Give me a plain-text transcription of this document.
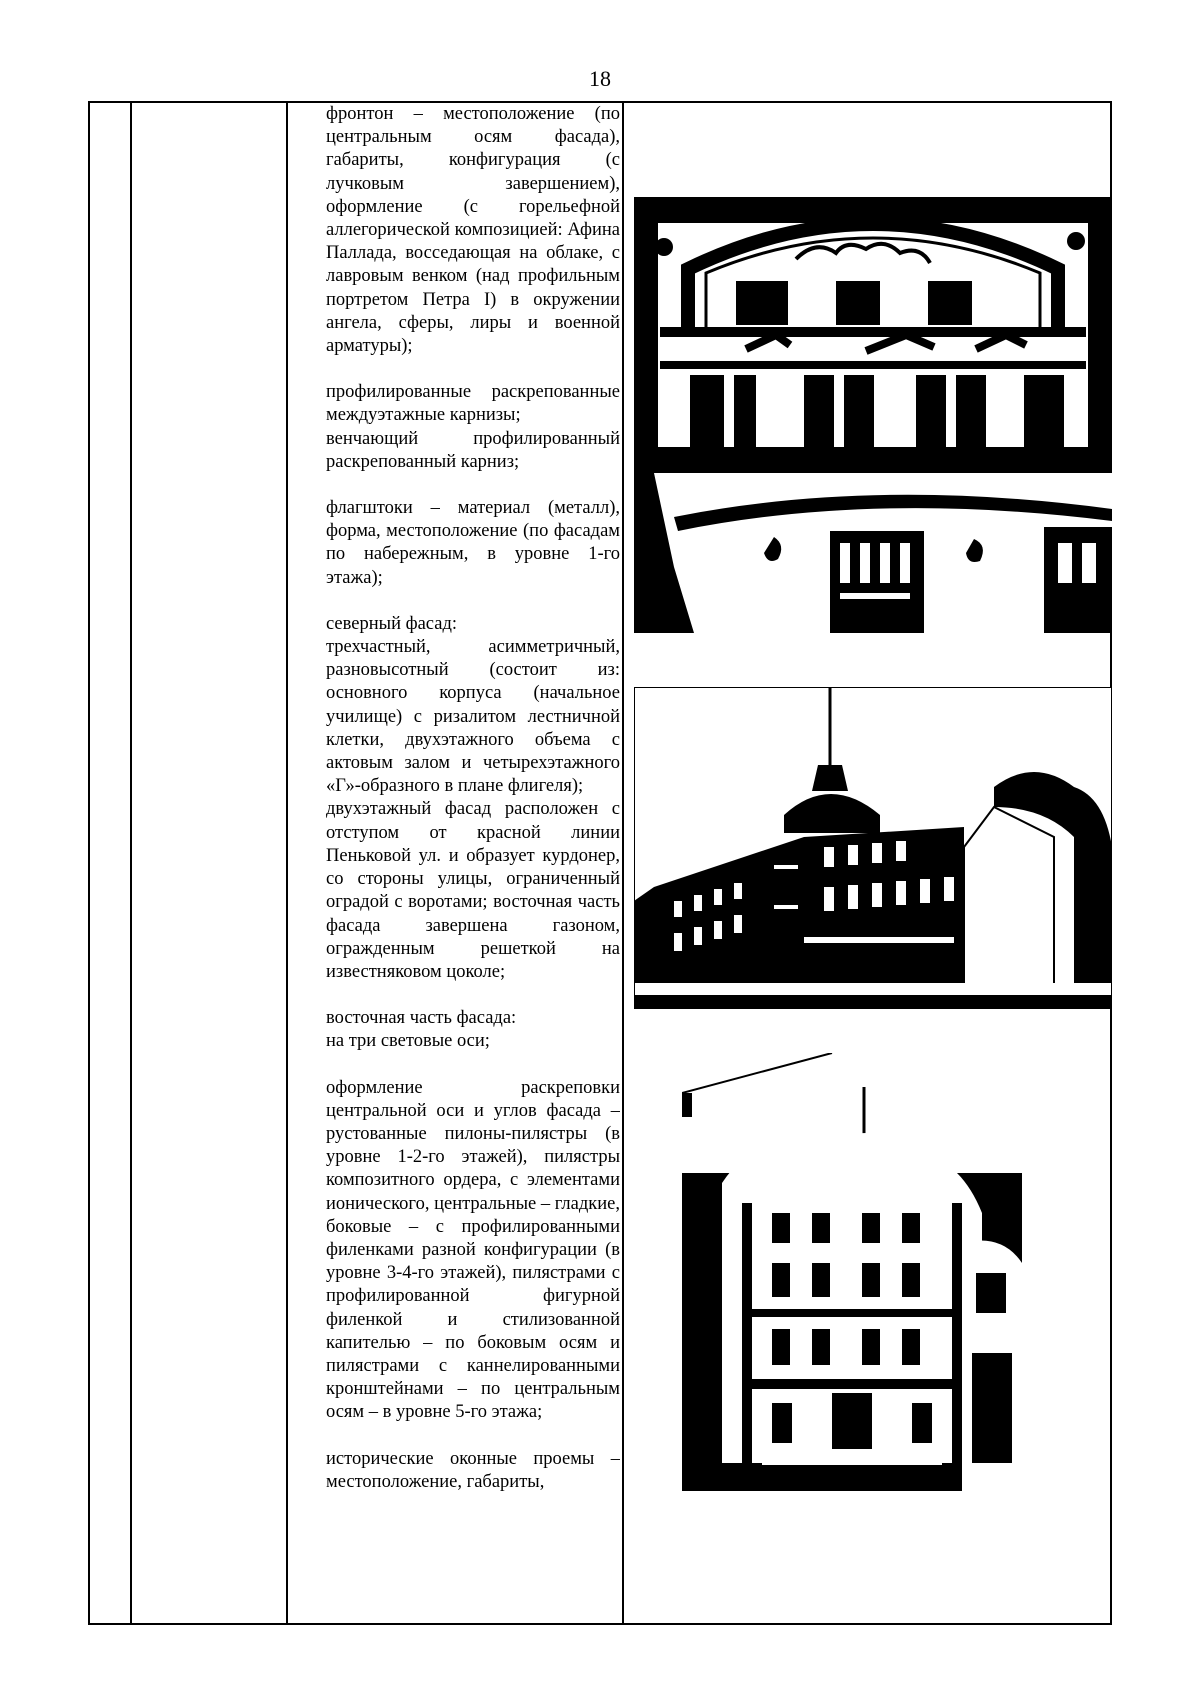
18

фронтон – местоположение (по центральным осям фасада), габариты, конфигурация (с лучковым завершением), оформление (с горельефной аллегорической композицией: Афина Паллада, восседающая на облаке, с лавровым венком (над профильным портретом Петра I) в окружении ангела, сферы, лиры и военной арматуры);

профилированные раскрепованные междуэтажные карнизы;

венчающий профилированный раскрепованный карниз;

флагштоки – материал (металл), форма, местоположение (по фасадам по набережным, в уровне 1-го этажа);

северный фасад:

трехчастный, асимметричный, разновысотный (состоит из: основного корпуса (начальное училище) с ризалитом лестничной клетки, двухэтажного объема с актовым залом и четырехэтажного «Г»-образного в плане флигеля);

двухэтажный фасад расположен с отступом от красной линии Пеньковой ул. и образует курдонер, со стороны улицы, ограниченный оградой с воротами; восточная часть фасада завершена газоном, огражденным решеткой на известняковом цоколе;

восточная часть фасада:

на три световые оси;

оформление раскреповки центральной оси и углов фасада – рустованные пилоны-пилястры (в уровне 1-2-го этажей), пилястры композитного ордера, с элементами ионического, центральные – гладкие, боковые – с профилированными филенками разной конфигурации (в уровне 3-4-го этажей), пилястрами с профилированной фигурной филенкой и стилизованной капителью – по боковым осям и пилястрами с каннелированными кронштейнами – по центральным осям – в уровне 5-го этажа;

исторические оконные проемы – местоположение, габариты,
